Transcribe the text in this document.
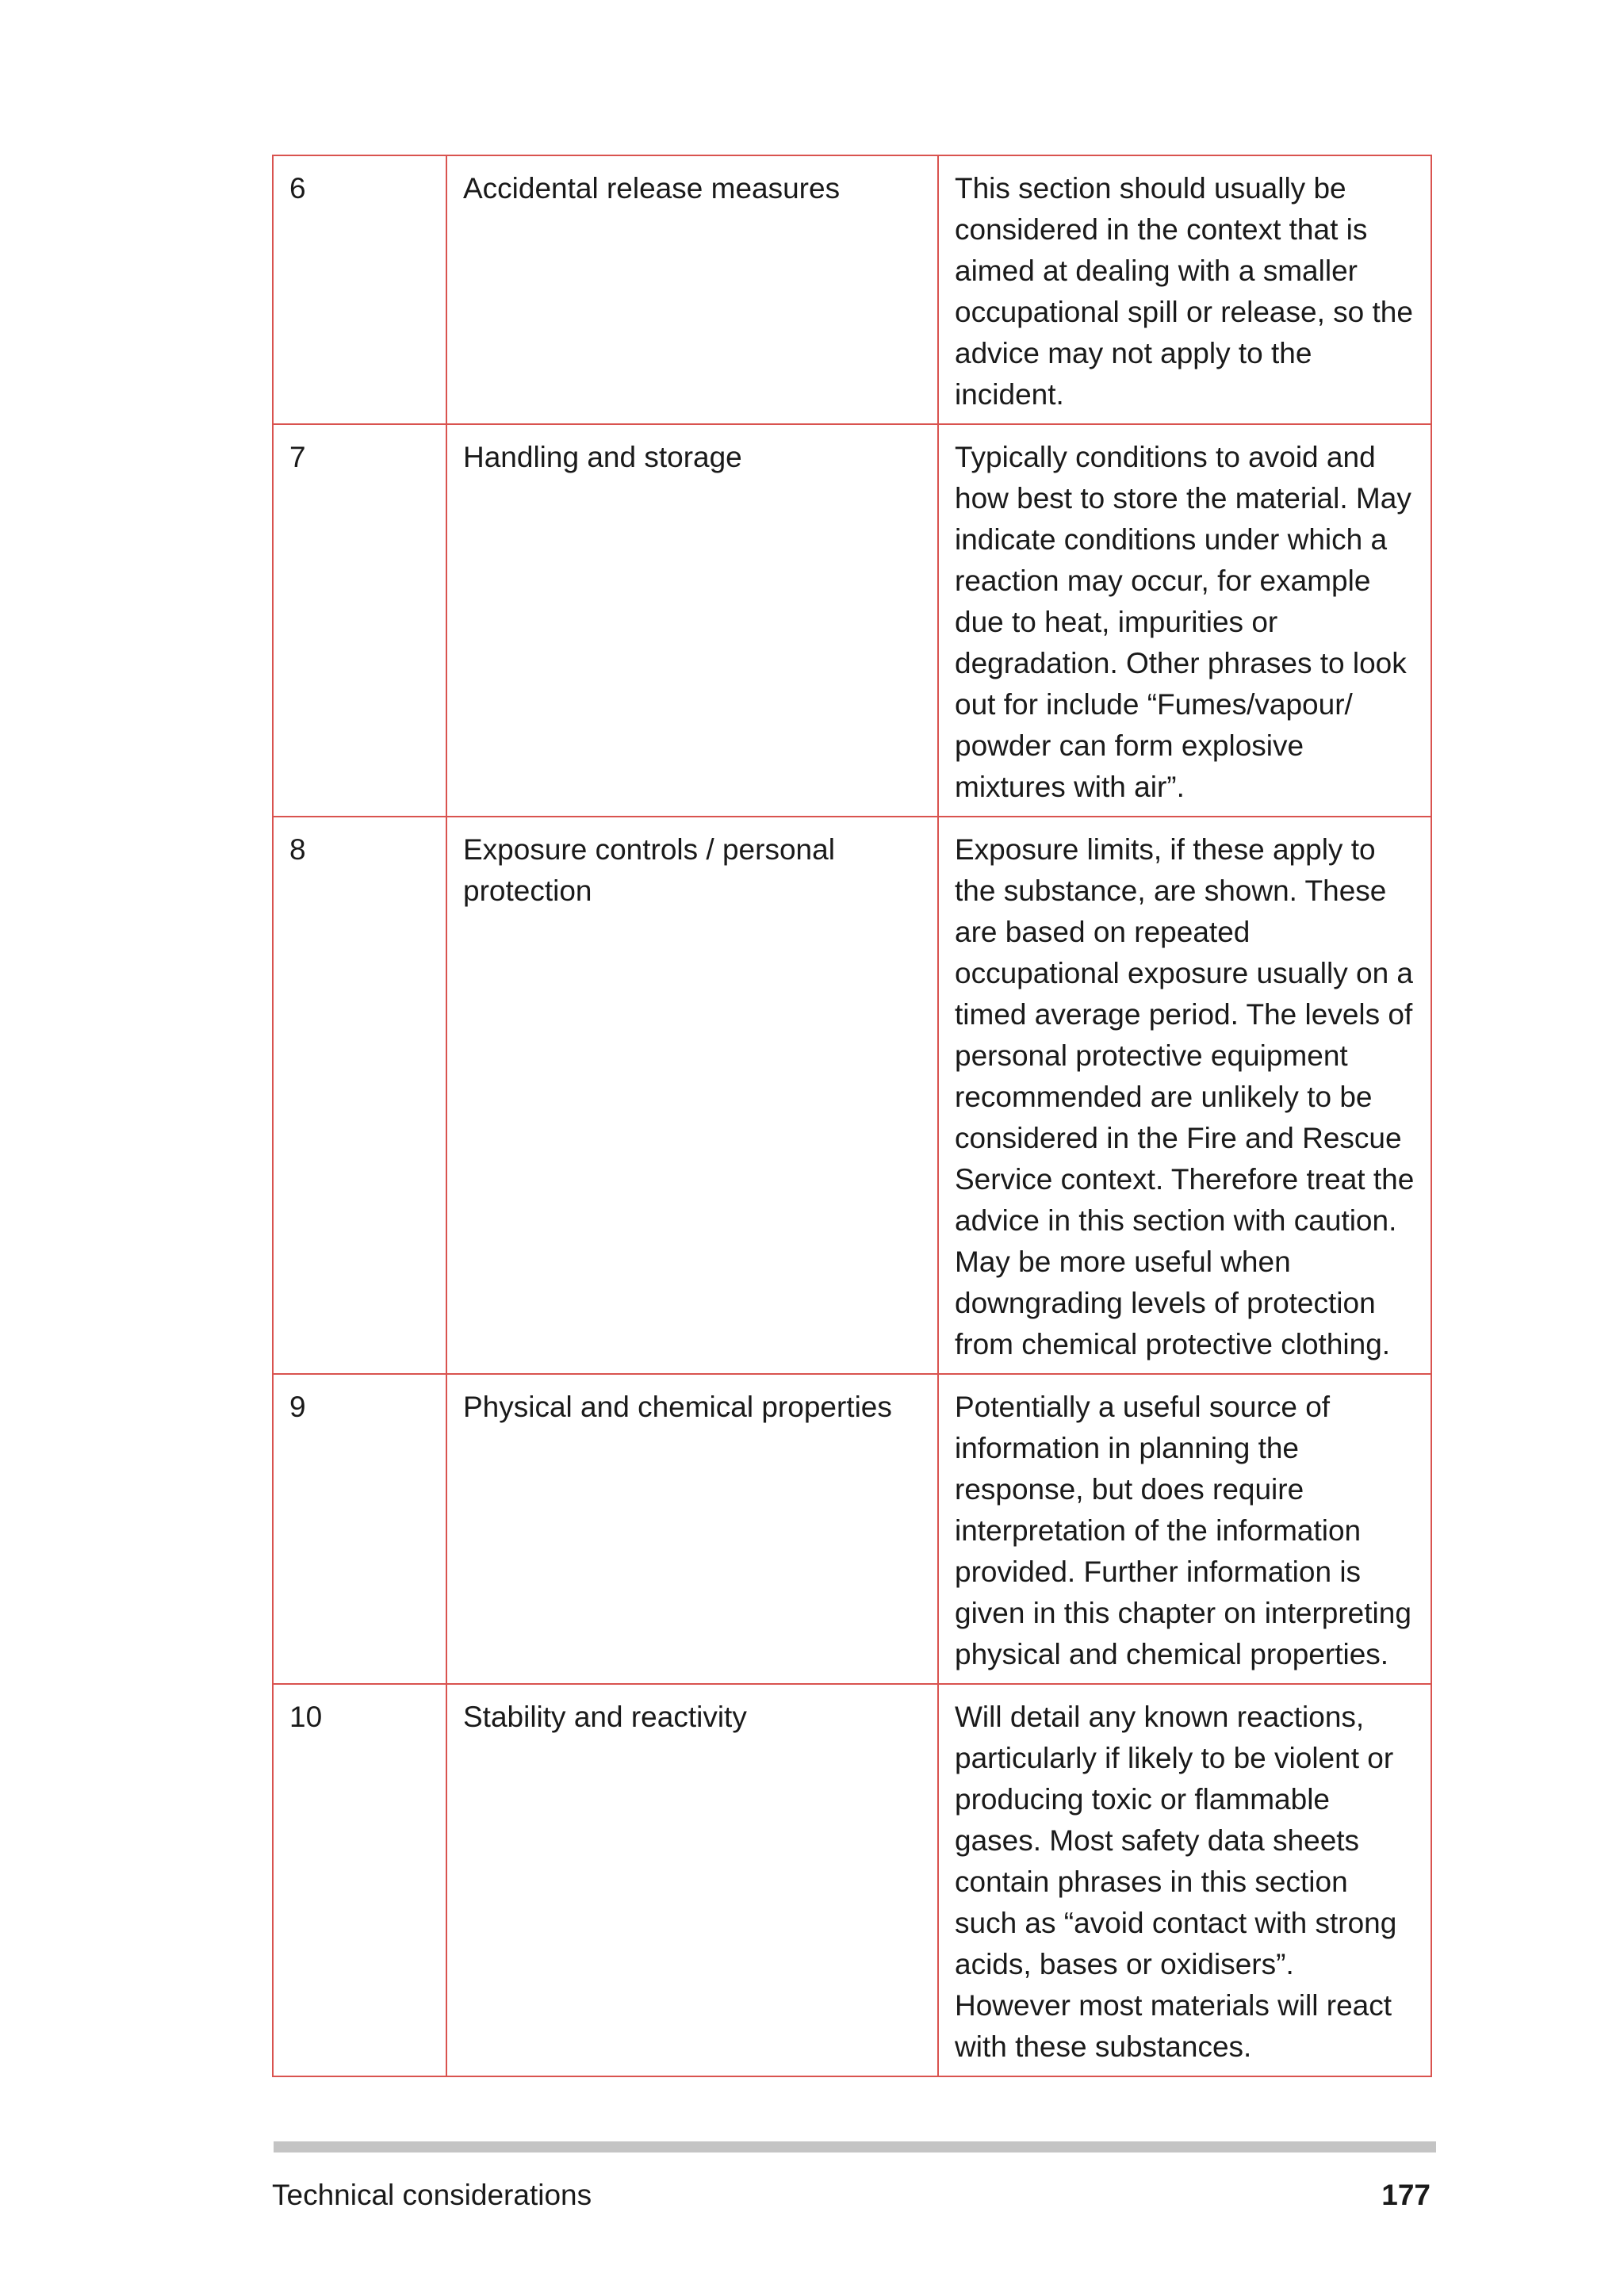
6	Accidental release measures	This section should usually be considered in the context that is aimed at dealing with a smaller occupational spill or release, so the advice may not apply to the incident.
7	Handling and storage	Typically conditions to avoid and how best to store the material. May indicate conditions under which a reaction may occur, for example due to heat, impurities or degradation. Other phrases to look out for include “Fumes/vapour/ powder can form explosive mixtures with air”.
8	Exposure controls / personal protection	Exposure limits, if these apply to the substance, are shown. These are based on repeated occupational exposure usually on a timed average period. The levels of personal protective equipment recommended are unlikely to be considered in the Fire and Rescue Service context. Therefore treat the advice in this section with caution. May be more useful when downgrading levels of protection from chemical protective clothing.
9	Physical and chemical properties	Potentially a useful source of information in planning the response, but does require interpretation of the information provided. Further information is given in this chapter on interpreting physical and chemical properties.
10	Stability and reactivity	Will detail any known reactions, particularly if likely to be violent or producing toxic or flammable gases. Most safety data sheets contain phrases in this section such as “avoid contact with strong acids, bases or oxidisers”. However most materials will react with these substances.
Technical considerations	177
